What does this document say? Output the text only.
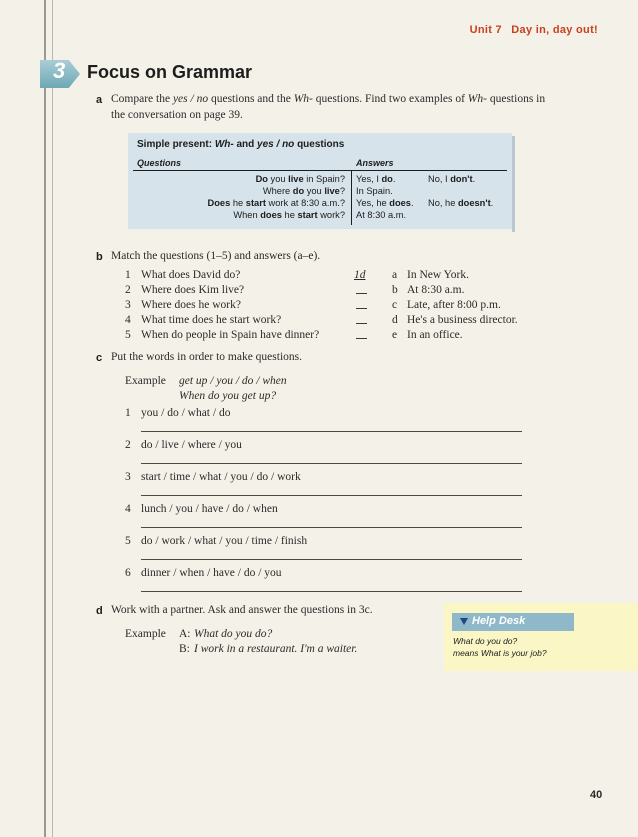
Unit 7 Day in, day out!
3 Focus on Grammar
a Compare the yes / no questions and the Wh- questions. Find two examples of Wh- questions in
the conversation on page 39.
Simple present: Wh- and yes / no questions
Questions	Answers
Do you live in Spain?
Where do you live?
Does he start work at 8:30 a.m.?
When does he start work?
Yes, I do.	No, I don't.
In Spain.
Yes, he does. No, he doesn't.
At 8:30 a.m.
b Match the questions (1–5) and answers (a–e).
1 What does David do?
2 Where does Kim live?
3 Where does he work?
4 What time does he start work?
5 When do people in Spain have dinner?
1d a In New York.
b At 8:30 a.m.
c Late, after 8:00 p.m.
d He's a business director.
e In an office.
c Put the words in order to make questions.
Example get up / you / do / when
When do you get up?
1 you / do / what / do
2 do / live / where / you
3 start / time / what / you / do / work
4 lunch / you / have / do / when
5 do / work / what / you / time / finish
6 dinner / when / have / do / you
d Work with a partner. Ask and answer the questions in 3c.
Example A: What do you do?
B: I work in a restaurant. I'm a waiter.
Help Desk
What do you do?
means What is your job?
40
